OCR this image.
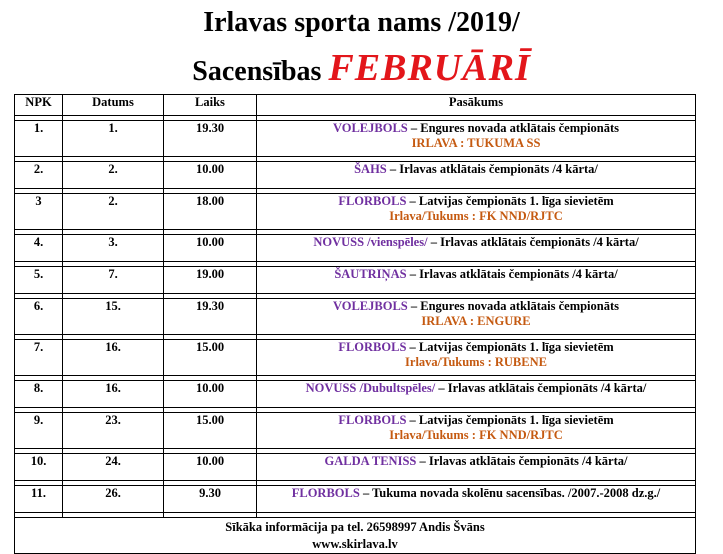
Irlavas sporta nams /2019/
Sacensības FEBRUĀRĪ
NPK	Datums	Laiks	Pasākums

1.	1.	19.30	VOLEJBOLS – Engures novada atklātais čempionāts
IRLAVA : TUKUMA SS

2.	2.	10.00	ŠAHS – Irlavas atklātais čempionāts /4 kārta/

3	2.	18.00	FLORBOLS – Latvijas čempionāts 1. līga sievietēm
Irlava/Tukums : FK NND/RJTC

4.	3.	10.00	NOVUSS /vienspēles/ – Irlavas atklātais čempionāts /4 kārta/

5.	7.	19.00	ŠAUTRIŅAS – Irlavas atklātais čempionāts /4 kārta/

6.	15.	19.30	VOLEJBOLS – Engures novada atklātais čempionāts
IRLAVA : ENGURE

7.	16.	15.00	FLORBOLS – Latvijas čempionāts 1. līga sievietēm
Irlava/Tukums : RUBENE

8.	16.	10.00	NOVUSS /Dubultspēles/ – Irlavas atklātais čempionāts /4 kārta/

9.	23.	15.00	FLORBOLS – Latvijas čempionāts 1. līga sievietēm
Irlava/Tukums : FK NND/RJTC

10.	24.	10.00	GALDA TENISS – Irlavas atklātais čempionāts /4 kārta/

11.	26.	9.30	FLORBOLS – Tukuma novada skolēnu sacensības. /2007.-2008 dz.g./

Sīkāka informācija pa tel. 26598997 Andis Švāns
www.skirlava.lv			
